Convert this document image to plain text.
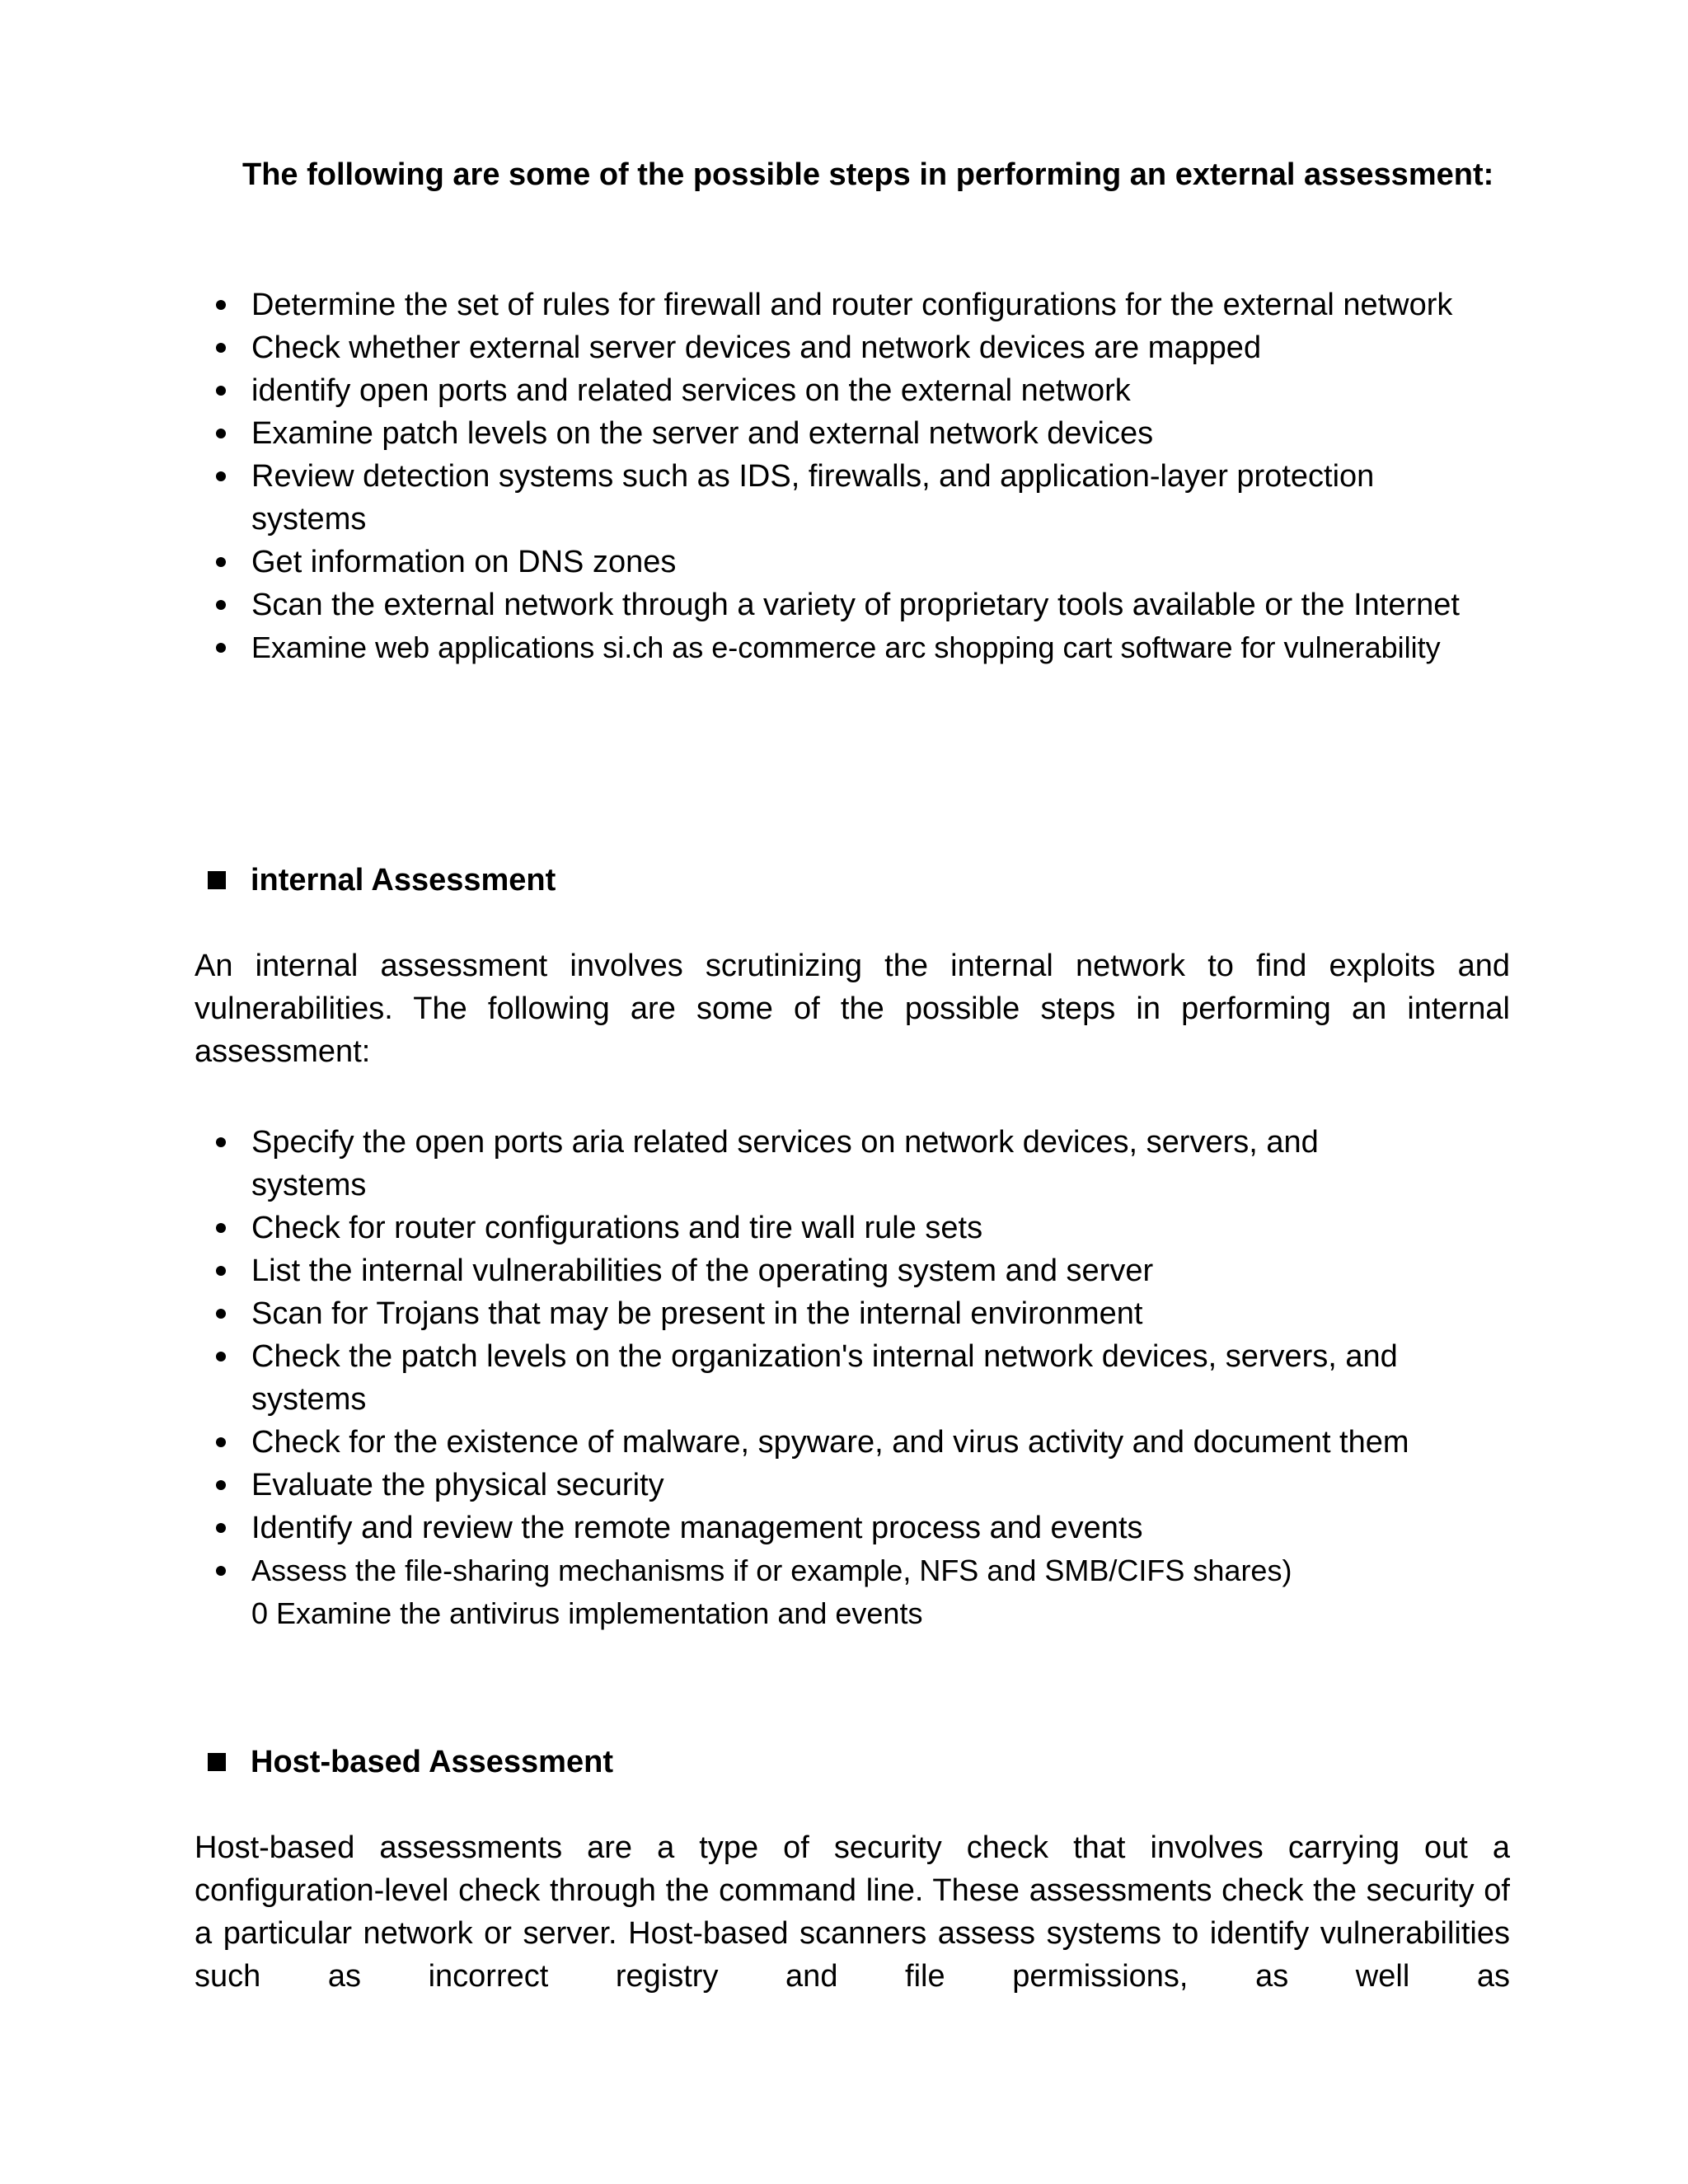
The following are some of the possible steps in performing an external assessment:

Determine the set of rules for firewall and router configurations for the external network
Check whether external server devices and network devices are mapped
identify open ports and related services on the external network
Examine patch levels on the server and external network devices
Review detection systems such as IDS, firewalls, and application-layer protection systems
Get information on DNS zones
Scan the external network through a variety of proprietary tools available or the Internet
Examine web applications si.ch as e-commerce arc shopping cart software for vulnerability
internal Assessment

An internal assessment involves scrutinizing the internal network to find exploits and vulnerabilities. The following are some of the possible steps in performing an internal assessment:

Specify the open ports aria related services on network devices, servers, and systems
Check for router configurations and tire wall rule sets
List the internal vulnerabilities of the operating system and server
Scan for Trojans that may be present in the internal environment
Check the patch levels on the organization's internal network devices, servers, and systems
Check for the existence of malware, spyware, and virus activity and document them
Evaluate the physical security
Identify and review the remote management process and events
Assess the file-sharing mechanisms if or example, NFS and SMB/CIFS shares)
0 Examine the antivirus implementation and events
Host-based Assessment

Host-based assessments are a type of security check that involves carrying out a configuration-level check through the command line. These assessments check the security of a particular network or server. Host-based scanners assess systems to identify vulnerabilities such as incorrect registry and file permissions, as well as
